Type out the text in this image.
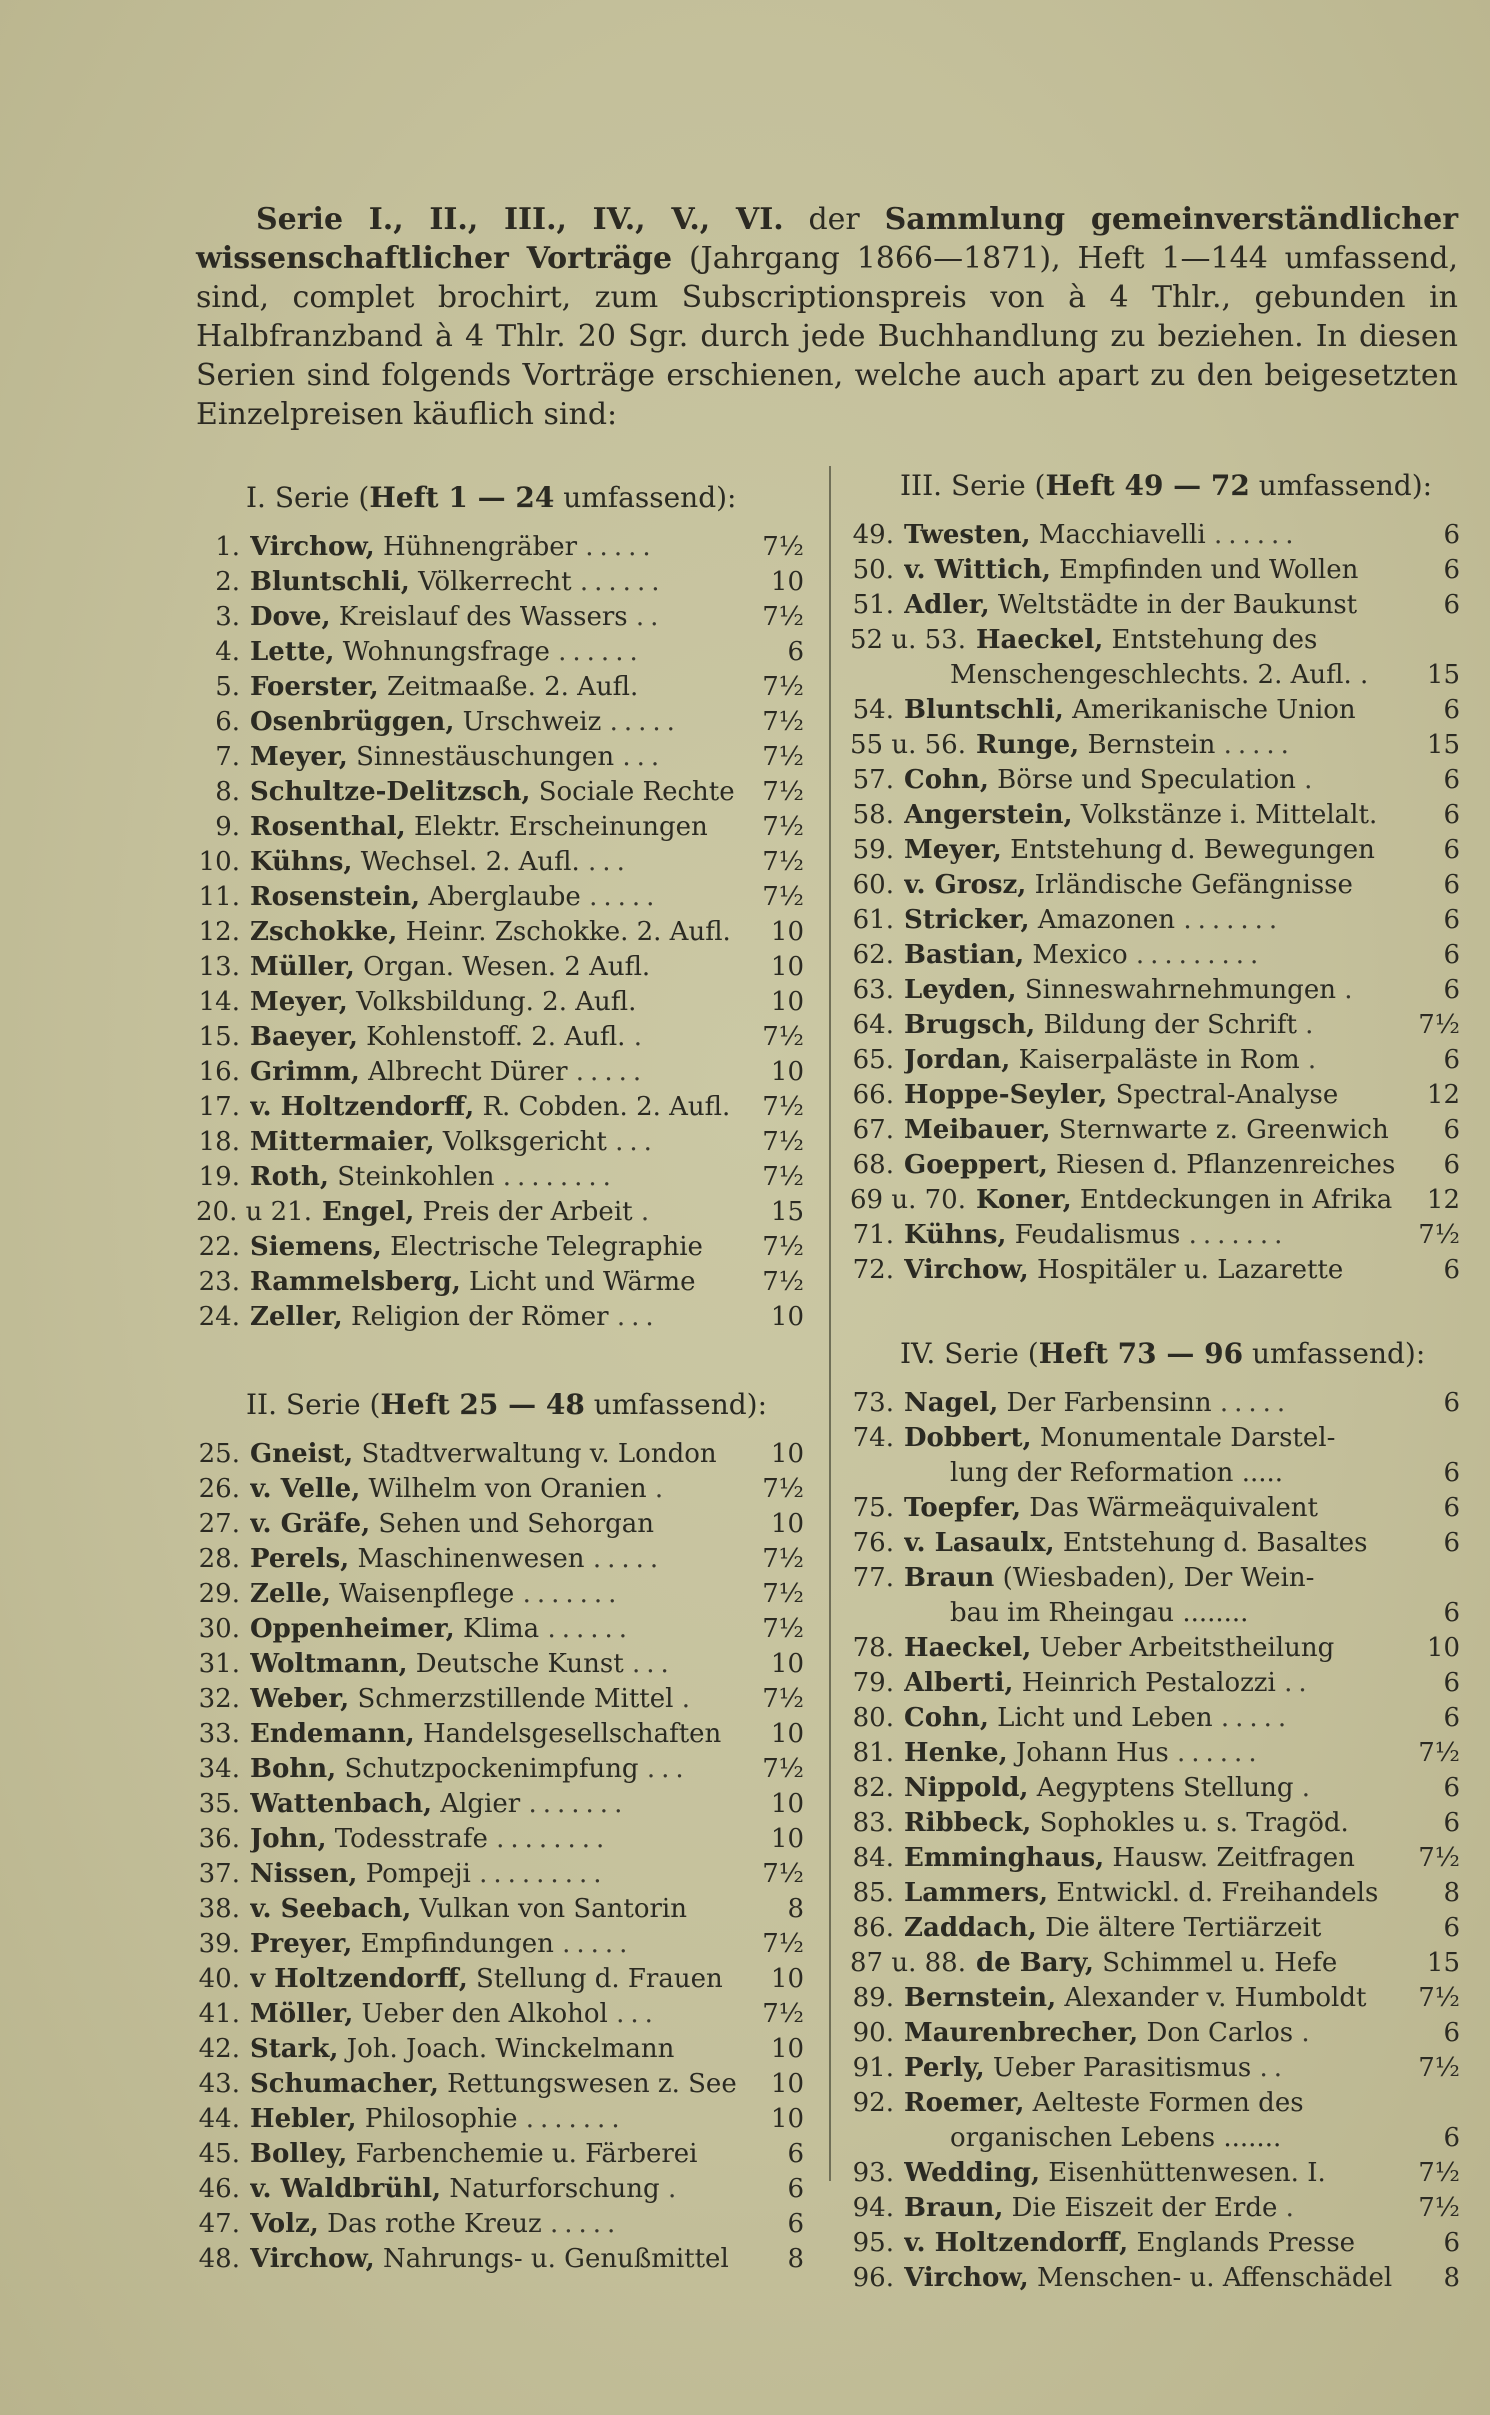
Serie I., II., III., IV., V., VI. der Sammlung gemeinverständlicher wissenschaftlicher Vorträge (Jahrgang 1866—1871), Heft 1—144 umfassend, sind, complet brochirt, zum Subscriptionspreis von à 4 Thlr., gebunden in Halbfranzband à 4 Thlr. 20 Sgr. durch jede Buchhandlung zu beziehen. In diesen Serien sind folgends Vorträge erschienen, welche auch apart zu den beigesetzten Einzelpreisen käuflich sind:

I. Serie (Heft 1 — 24 umfassend):
1. Virchow, Hühnengräber .....	7½
2. Bluntschli, Völkerrecht ......	10
3. Dove, Kreislauf des Wassers ..	7½
4. Lette, Wohnungsfrage ......	6
5. Foerster, Zeitmaaße. 2. Aufl.	7½
6. Osenbrüggen, Urschweiz .....	7½
7. Meyer, Sinnestäuschungen ...	7½
8. Schultze-Delitzsch, Sociale Rechte	7½
9. Rosenthal, Elektr. Erscheinungen	7½
10. Kühns, Wechsel. 2. Aufl. ...	7½
11. Rosenstein, Aberglaube .....	7½
12. Zschokke, Heinr. Zschokke. 2. Aufl.	10
13. Müller, Organ. Wesen. 2 Aufl.	10
14. Meyer, Volksbildung. 2. Aufl.	10
15. Baeyer, Kohlenstoff. 2. Aufl. .	7½
16. Grimm, Albrecht Dürer .....	10
17. v. Holtzendorff, R. Cobden. 2. Aufl.	7½
18. Mittermaier, Volksgericht ...	7½
19. Roth, Steinkohlen ........	7½
20. u 21. Engel, Preis der Arbeit .	15
22. Siemens, Electrische Telegraphie	7½
23. Rammelsberg, Licht und Wärme	7½
24. Zeller, Religion der Römer ...	10
II. Serie (Heft 25 — 48 umfassend):
25. Gneist, Stadtverwaltung v. London	10
26. v. Velle, Wilhelm von Oranien .	7½
27. v. Gräfe, Sehen und Sehorgan	10
28. Perels, Maschinenwesen .....	7½
29. Zelle, Waisenpflege .......	7½
30. Oppenheimer, Klima ......	7½
31. Woltmann, Deutsche Kunst ...	10
32. Weber, Schmerzstillende Mittel .	7½
33. Endemann, Handelsgesellschaften	10
34. Bohn, Schutzpockenimpfung ...	7½
35. Wattenbach, Algier .......	10
36. John, Todesstrafe ........	10
37. Nissen, Pompeji .........	7½
38. v. Seebach, Vulkan von Santorin	8
39. Preyer, Empfindungen .....	7½
40. v Holtzendorff, Stellung d. Frauen	10
41. Möller, Ueber den Alkohol ...	7½
42. Stark, Joh. Joach. Winckelmann	10
43. Schumacher, Rettungswesen z. See	10
44. Hebler, Philosophie .......	10
45. Bolley, Farbenchemie u. Färberei	6
46. v. Waldbrühl, Naturforschung .	6
47. Volz, Das rothe Kreuz .....	6
48. Virchow, Nahrungs- u. Genußmittel	8
III. Serie (Heft 49 — 72 umfassend):
49. Twesten, Macchiavelli ......	6
50. v. Wittich, Empfinden und Wollen	6
51. Adler, Weltstädte in der Baukunst	6
52 u. 53. Haeckel, Entstehung des
Menschengeschlechts. 2. Aufl. .	15
54. Bluntschli, Amerikanische Union	6
55 u. 56. Runge, Bernstein .....	15
57. Cohn, Börse und Speculation .	6
58. Angerstein, Volkstänze i. Mittelalt.	6
59. Meyer, Entstehung d. Bewegungen	6
60. v. Grosz, Irländische Gefängnisse	6
61. Stricker, Amazonen .......	6
62. Bastian, Mexico .........	6
63. Leyden, Sinneswahrnehmungen .	6
64. Brugsch, Bildung der Schrift .	7½
65. Jordan, Kaiserpaläste in Rom .	6
66. Hoppe-Seyler, Spectral-Analyse	12
67. Meibauer, Sternwarte z. Greenwich	6
68. Goeppert, Riesen d. Pflanzenreiches	6
69 u. 70. Koner, Entdeckungen in Afrika	12
71. Kühns, Feudalismus .......	7½
72. Virchow, Hospitäler u. Lazarette	6
IV. Serie (Heft 73 — 96 umfassend):
73. Nagel, Der Farbensinn .....	6
74. Dobbert, Monumentale Darstel-
lung der Reformation .....	6
75. Toepfer, Das Wärmeäquivalent	6
76. v. Lasaulx, Entstehung d. Basaltes	6
77. Braun (Wiesbaden), Der Wein-
bau im Rheingau ........	6
78. Haeckel, Ueber Arbeitstheilung	10
79. Alberti, Heinrich Pestalozzi ..	6
80. Cohn, Licht und Leben .....	6
81. Henke, Johann Hus ......	7½
82. Nippold, Aegyptens Stellung .	6
83. Ribbeck, Sophokles u. s. Tragöd.	6
84. Emminghaus, Hausw. Zeitfragen	7½
85. Lammers, Entwickl. d. Freihandels	8
86. Zaddach, Die ältere Tertiärzeit	6
87 u. 88. de Bary, Schimmel u. Hefe	15
89. Bernstein, Alexander v. Humboldt	7½
90. Maurenbrecher, Don Carlos .	6
91. Perly, Ueber Parasitismus ..	7½
92. Roemer, Aelteste Formen des
organischen Lebens .......	6
93. Wedding, Eisenhüttenwesen. I.	7½
94. Braun, Die Eiszeit der Erde .	7½
95. v. Holtzendorff, Englands Presse	6
96. Virchow, Menschen- u. Affenschädel	8
